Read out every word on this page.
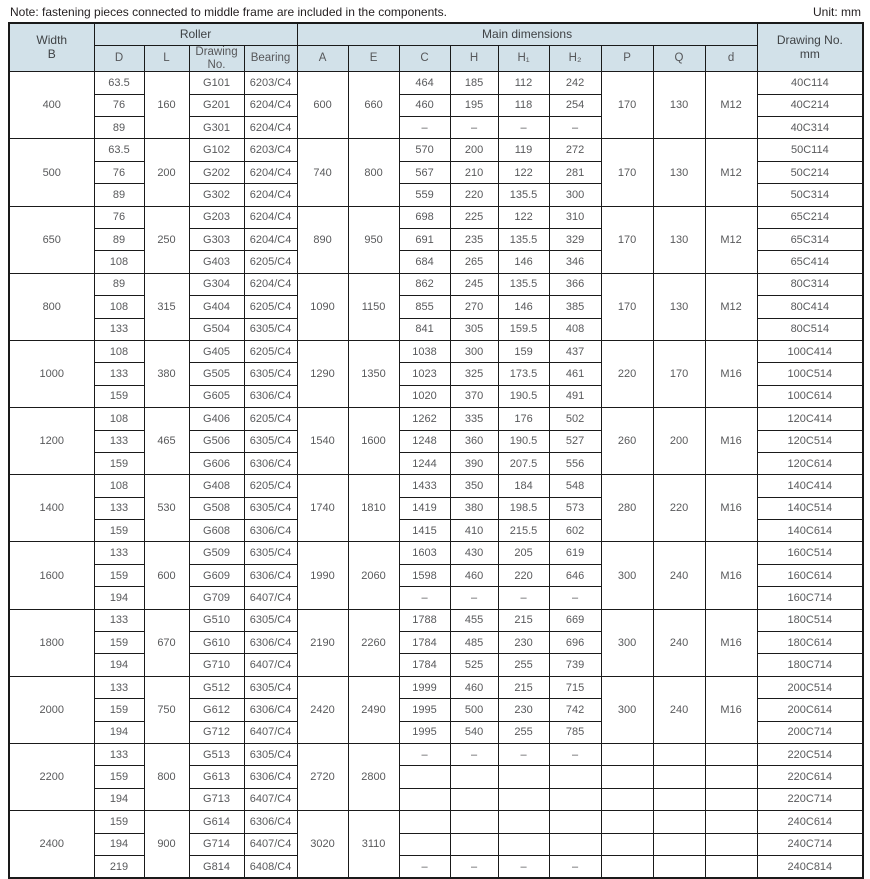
Note: fastening pieces connected to middle frame are included in the components.	Unit: mm
Width
B	Roller				Main dimensions									Drawing No.
mm
	D	L	Drawing No.	Bearing	A	E	C	H	H₁	H₂	P	Q	d	
400	63.5	160	G101	6203/C4	600	660	464	185	112	242	170	130	M12	40C114
	76		G201	6204/C4			460	195	118	254				40C214
	89		G301	6204/C4			–	–	–	–				40C314
500	63.5	200	G102	6203/C4	740	800	570	200	119	272	170	130	M12	50C114
	76		G202	6204/C4			567	210	122	281				50C214
	89		G302	6204/C4			559	220	135.5	300				50C314
650	76	250	G203	6204/C4	890	950	698	225	122	310	170	130	M12	65C214
	89		G303	6204/C4			691	235	135.5	329				65C314
	108		G403	6205/C4			684	265	146	346				65C414
800	89	315	G304	6204/C4	1090	1150	862	245	135.5	366	170	130	M12	80C314
	108		G404	6205/C4			855	270	146	385				80C414
	133		G504	6305/C4			841	305	159.5	408				80C514
1000	108	380	G405	6205/C4	1290	1350	1038	300	159	437	220	170	M16	100C414
	133		G505	6305/C4			1023	325	173.5	461				100C514
	159		G605	6306/C4			1020	370	190.5	491				100C614
1200	108	465	G406	6205/C4	1540	1600	1262	335	176	502	260	200	M16	120C414
	133		G506	6305/C4			1248	360	190.5	527				120C514
	159		G606	6306/C4			1244	390	207.5	556				120C614
1400	108	530	G408	6205/C4	1740	1810	1433	350	184	548	280	220	M16	140C414
	133		G508	6305/C4			1419	380	198.5	573				140C514
	159		G608	6306/C4			1415	410	215.5	602				140C614
1600	133	600	G509	6305/C4	1990	2060	1603	430	205	619	300	240	M16	160C514
	159		G609	6306/C4			1598	460	220	646				160C614
	194		G709	6407/C4			–	–	–	–				160C714
1800	133	670	G510	6305/C4	2190	2260	1788	455	215	669	300	240	M16	180C514
	159		G610	6306/C4			1784	485	230	696				180C614
	194		G710	6407/C4			1784	525	255	739				180C714
2000	133	750	G512	6305/C4	2420	2490	1999	460	215	715	300	240	M16	200C514
	159		G612	6306/C4			1995	500	230	742				200C614
	194		G712	6407/C4			1995	540	255	785				200C714
2200	133	800	G513	6305/C4	2720	2800	–	–	–	–				220C514
	159		G613	6306/C4										220C614
	194		G713	6407/C4										220C714
2400	159	900	G614	6306/C4	3020	3110								240C614
	194		G714	6407/C4										240C714
	219		G814	6408/C4			–	–	–	–				240C814
